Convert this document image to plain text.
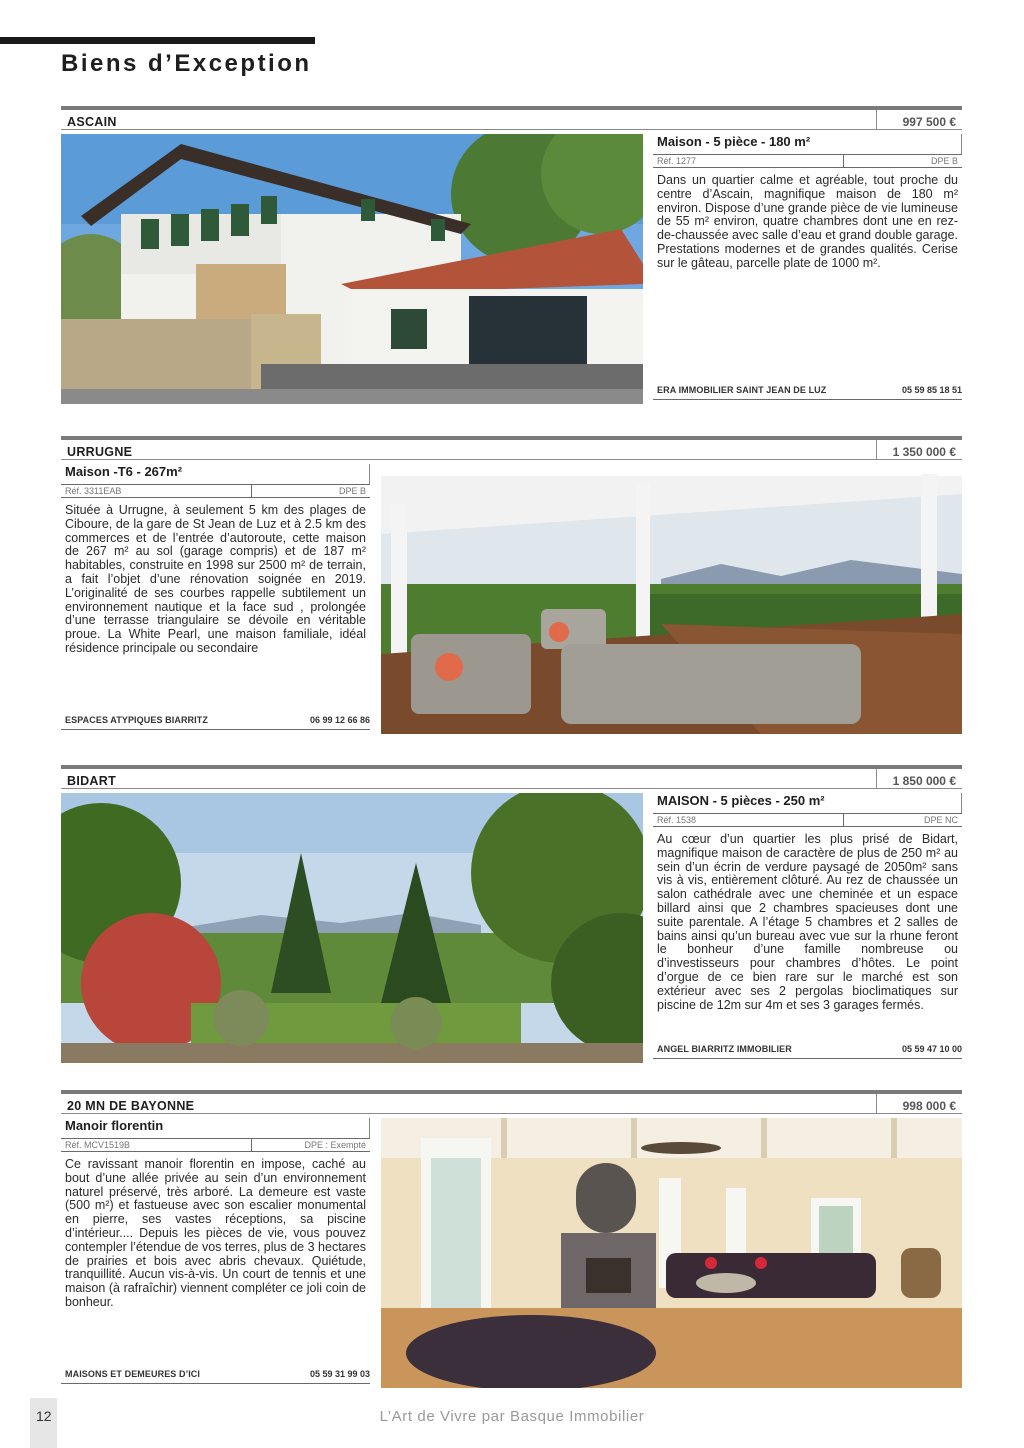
Biens d’Exception
ASCAIN	997 500 €
Maison - 5 pièce - 180 m²
Réf. 1277	DPE B

Dans un quartier calme et agréable, tout proche du centre d’Ascain, magnifique maison de 180 m² environ. Dispose d’une grande pièce de vie lumineuse de 55 m² environ, quatre chambres dont une en rez-de-chaussée avec salle d’eau et grand double garage. Prestations modernes et de grandes qualités. Cerise sur le gâteau, parcelle plate de 1000 m².

ERA IMMOBILIER SAINT JEAN DE LUZ	05 59 85 18 51
URRUGNE	1 350 000 €
Maison -T6 - 267m²
Réf. 3311EAB	DPE B

Située à Urrugne, à seulement 5 km des plages de Ciboure, de la gare de St Jean de Luz et à 2.5 km des commerces et de l’entrée d’autoroute, cette maison de 267 m² au sol (garage compris) et de 187 m² habitables, construite en 1998 sur 2500 m² de terrain, a fait l’objet d’une rénovation soignée en 2019. L’originalité de ses courbes rappelle subtilement un environnement nautique et la face sud , prolongée d’une terrasse triangulaire se dévoile en véritable proue. La White Pearl, une maison familiale, idéal résidence principale ou secondaire

ESPACES ATYPIQUES BIARRITZ	06 99 12 66 86
BIDART	1 850 000 €
MAISON - 5 pièces - 250 m²
Réf. 1538	DPE NC

Au cœur d’un quartier les plus prisé de Bidart, magnifique maison de caractère de plus de 250 m² au sein d’un écrin de verdure paysagé de 2050m² sans vis à vis, entièrement clôturé. Au rez de chaussée un salon cathédrale avec une cheminée et un espace billard ainsi que 2 chambres spacieuses dont une suite parentale. A l’étage 5 chambres et 2 salles de bains ainsi qu’un bureau avec vue sur la rhune feront le bonheur d’une famille nombreuse ou d’investisseurs pour chambres d’hôtes. Le point d’orgue de ce bien rare sur le marché est son extérieur avec ses 2 pergolas bioclimatiques sur piscine de 12m sur 4m et ses 3 garages fermés.

ANGEL BIARRITZ IMMOBILIER	05 59 47 10 00
20 MN DE BAYONNE	998 000 €
Manoir florentin
Réf. MCV1519B	DPE : Exempté

Ce ravissant manoir florentin en impose, caché au bout d’une allée privée au sein d’un environnement naturel préservé, très arboré. La demeure est vaste (500 m²) et fastueuse avec son escalier monumental en pierre, ses vastes réceptions, sa piscine d’intérieur.... Depuis les pièces de vie, vous pouvez contempler l’étendue de vos terres, plus de 3 hectares de prairies et bois avec abris chevaux. Quiétude, tranquillité. Aucun vis-à-vis. Un court de tennis et une maison (à rafraîchir) viennent compléter ce joli coin de bonheur.

MAISONS ET DEMEURES D’ICI	05 59 31 99 03
12	L’Art de Vivre par Basque Immobilier
